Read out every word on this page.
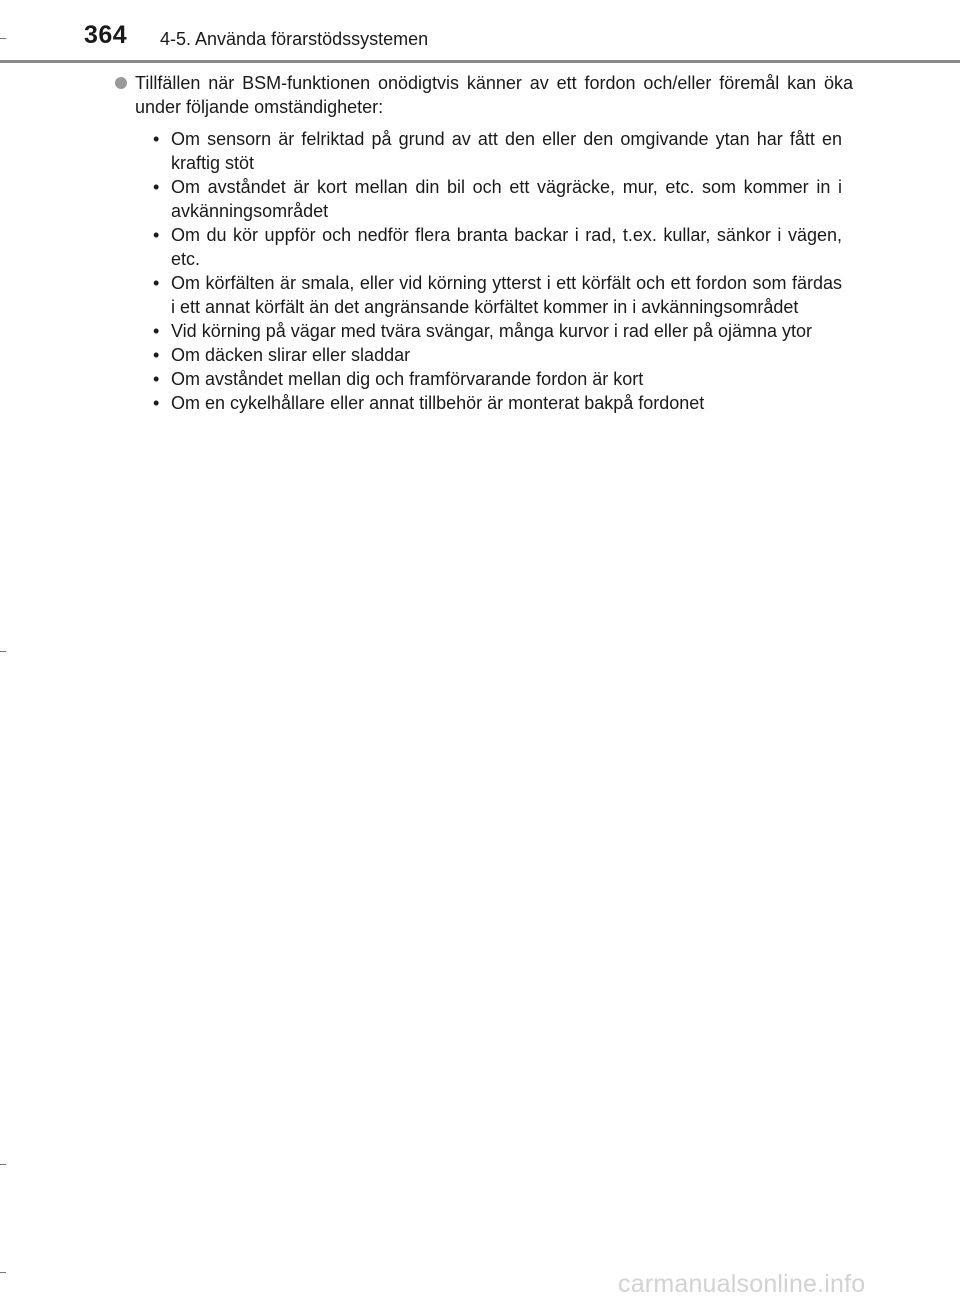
364 4-5. Använda förarstödssystemen
Tillfällen när BSM-funktionen onödigtvis känner av ett fordon och/eller föremål kan öka under följande omständigheter:
• Om sensorn är felriktad på grund av att den eller den omgivande ytan har fått en kraftig stöt
• Om avståndet är kort mellan din bil och ett vägräcke, mur, etc. som kommer in i avkänningsområdet
• Om du kör uppför och nedför flera branta backar i rad, t.ex. kullar, sänkor i vägen, etc.
• Om körfälten är smala, eller vid körning ytterst i ett körfält och ett fordon som färdas i ett annat körfält än det angränsande körfältet kommer in i avkänningsområdet
• Vid körning på vägar med tvära svängar, många kurvor i rad eller på ojämna ytor
• Om däcken slirar eller sladdar
• Om avståndet mellan dig och framförvarande fordon är kort
• Om en cykelhållare eller annat tillbehör är monterat bakpå fordonet
carmanualsonline.info
